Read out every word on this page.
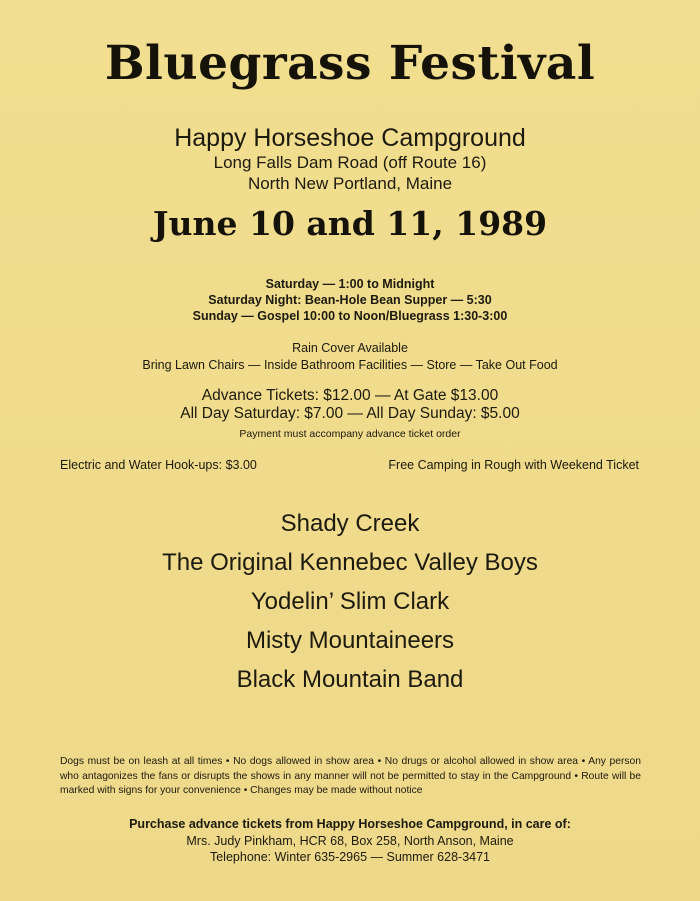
Bluegrass Festival
Happy Horseshoe Campground
Long Falls Dam Road (off Route 16)
North New Portland, Maine
June 10 and 11, 1989
Saturday — 1:00 to Midnight
Saturday Night: Bean-Hole Bean Supper — 5:30
Sunday — Gospel 10:00 to Noon/Bluegrass 1:30-3:00
Rain Cover Available
Bring Lawn Chairs — Inside Bathroom Facilities — Store — Take Out Food
Advance Tickets: $12.00 — At Gate $13.00
All Day Saturday: $7.00 — All Day Sunday: $5.00
Payment must accompany advance ticket order
Electric and Water Hook-ups: $3.00	Free Camping in Rough with Weekend Ticket
Shady Creek
The Original Kennebec Valley Boys
Yodelin’ Slim Clark
Misty Mountaineers
Black Mountain Band
Dogs must be on leash at all times • No dogs allowed in show area • No drugs or alcohol allowed in show area • Any person who antagonizes the fans or disrupts the shows in any manner will not be permitted to stay in the Campground • Route will be marked with signs for your convenience • Changes may be made without notice
Purchase advance tickets from Happy Horseshoe Campground, in care of:
Mrs. Judy Pinkham, HCR 68, Box 258, North Anson, Maine
Telephone: Winter 635-2965 — Summer 628-3471
